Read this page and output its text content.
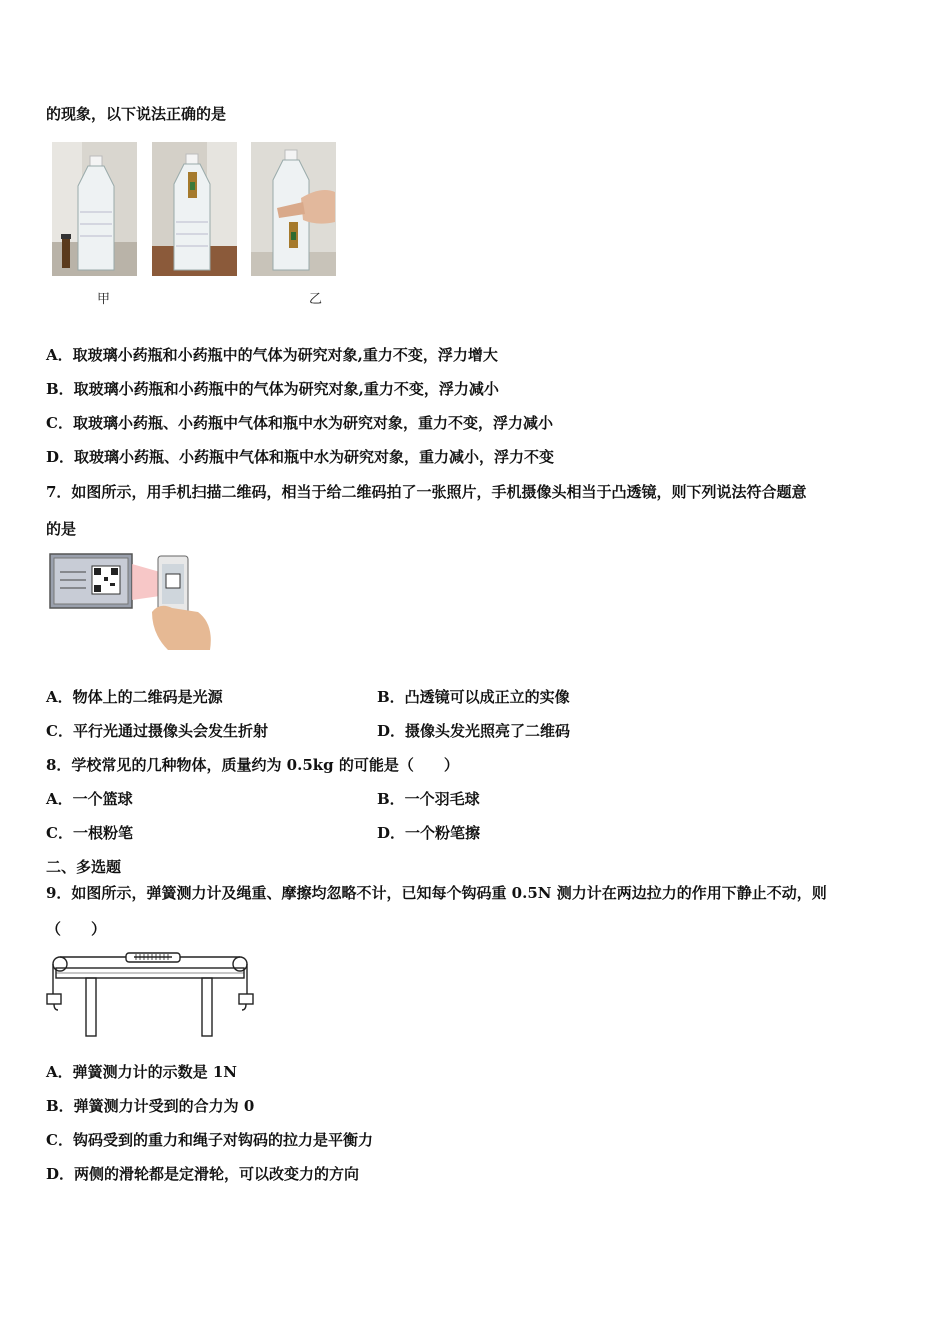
的现象，以下说法正确的是
甲	乙
A．取玻璃小药瓶和小药瓶中的气体为研究对象,重力不变，浮力增大
B．取玻璃小药瓶和小药瓶中的气体为研究对象,重力不变，浮力减小
C．取玻璃小药瓶、小药瓶中气体和瓶中水为研究对象，重力不变，浮力减小
D．取玻璃小药瓶、小药瓶中气体和瓶中水为研究对象，重力减小，浮力不变
7．如图所示，用手机扫描二维码，相当于给二维码拍了一张照片，手机摄像头相当于凸透镜，则下列说法符合题意
的是
A．物体上的二维码是光源	B．凸透镜可以成正立的实像
C．平行光通过摄像头会发生折射	D．摄像头发光照亮了二维码
8．学校常见的几种物体，质量约为 0.5kg 的可能是（　　）
A．一个篮球	B．一个羽毛球
C．一根粉笔	D．一个粉笔擦
二、多选题
9．如图所示，弹簧测力计及绳重、摩擦均忽略不计，已知每个钩码重 0.5N 测力计在两边拉力的作用下静止不动，则
（　　）
A．弹簧测力计的示数是 1N
B．弹簧测力计受到的合力为 0
C．钩码受到的重力和绳子对钩码的拉力是平衡力
D．两侧的滑轮都是定滑轮，可以改变力的方向
